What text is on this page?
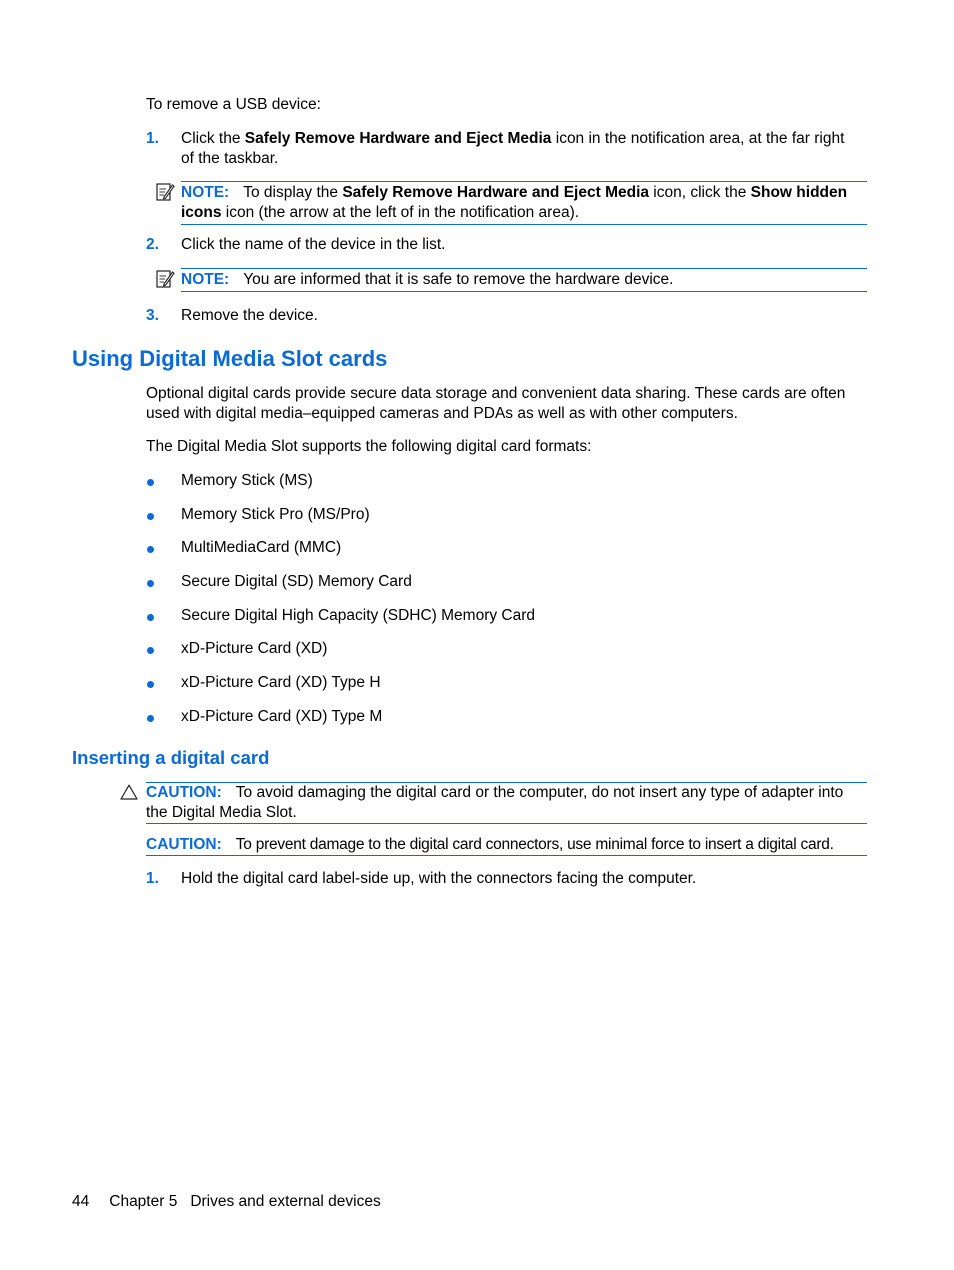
To remove a USB device:
1. Click the Safely Remove Hardware and Eject Media icon in the notification area, at the far right
of the taskbar.
NOTE: To display the Safely Remove Hardware and Eject Media icon, click the Show hidden
icons icon (the arrow at the left of in the notification area).
2. Click the name of the device in the list.
NOTE: You are informed that it is safe to remove the hardware device.
3. Remove the device.
Using Digital Media Slot cards
Optional digital cards provide secure data storage and convenient data sharing. These cards are often
used with digital media–equipped cameras and PDAs as well as with other computers.
The Digital Media Slot supports the following digital card formats:
Memory Stick (MS)
Memory Stick Pro (MS/Pro)
MultiMediaCard (MMC)
Secure Digital (SD) Memory Card
Secure Digital High Capacity (SDHC) Memory Card
xD-Picture Card (XD)
xD-Picture Card (XD) Type H
xD-Picture Card (XD) Type M
Inserting a digital card
CAUTION: To avoid damaging the digital card or the computer, do not insert any type of adapter into
the Digital Media Slot.
CAUTION: To prevent damage to the digital card connectors, use minimal force to insert a digital card.
1. Hold the digital card label-side up, with the connectors facing the computer.
44 Chapter 5 Drives and external devices
